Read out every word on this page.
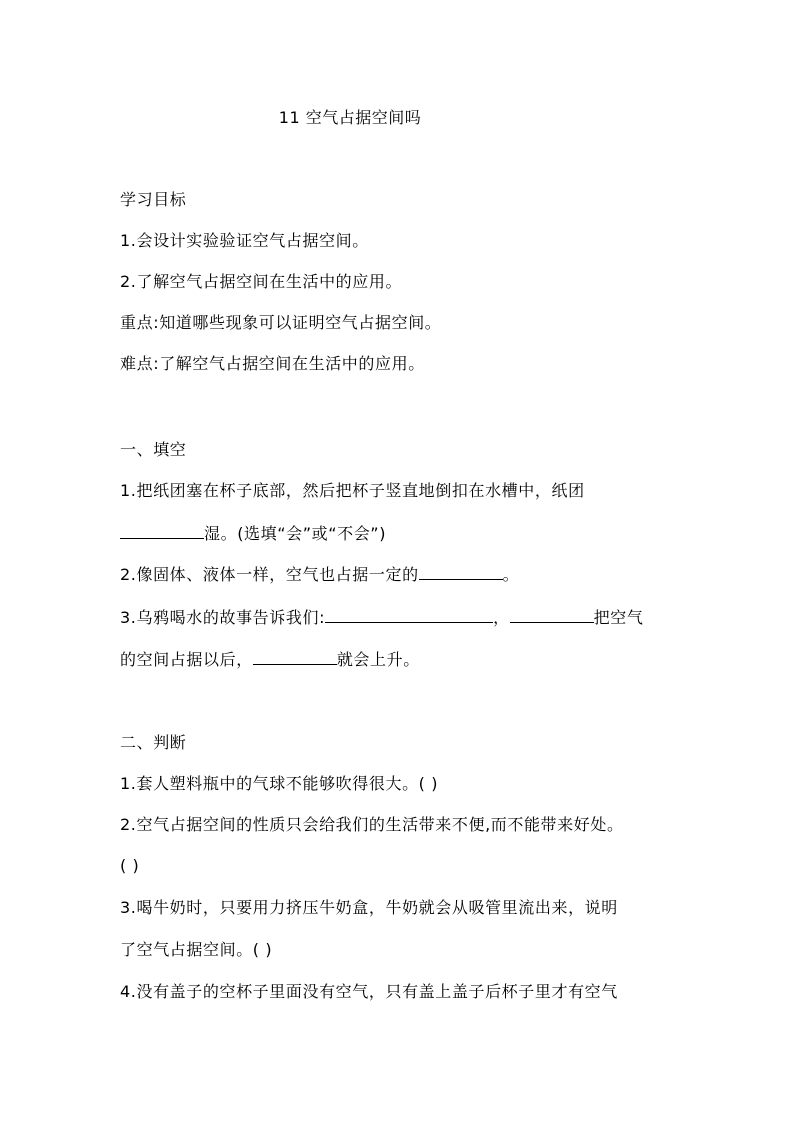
11 空气占据空间吗
学习目标
1.会设计实验验证空气占据空间。
2.了解空气占据空间在生活中的应用。
重点:知道哪些现象可以证明空气占据空间。
难点:了解空气占据空间在生活中的应用。
一、填空
1.把纸团塞在杯子底部，然后把杯子竖直地倒扣在水槽中，纸团
湿。(选填“会”或“不会”)
2.像固体、液体一样，空气也占据一定的	。
3.乌鸦喝水的故事告诉我们:	，	把空气
的空间占据以后，	就会上升。
二、判断
1.套人塑料瓶中的气球不能够吹得很大。( )
2.空气占据空间的性质只会给我们的生活带来不便,而不能带来好处。
( )
3.喝牛奶时，只要用力挤压牛奶盒，牛奶就会从吸管里流出来，说明
了空气占据空间。( )
4.没有盖子的空杯子里面没有空气，只有盖上盖子后杯子里才有空气
